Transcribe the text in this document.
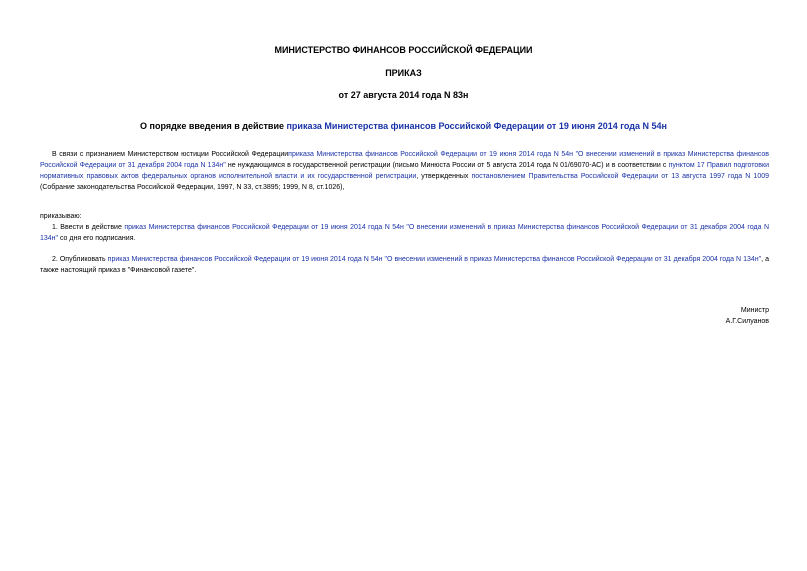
МИНИСТЕРСТВО ФИНАНСОВ РОССИЙСКОЙ ФЕДЕРАЦИИ
ПРИКАЗ
от 27 августа 2014 года N 83н
О порядке введения в действие приказа Министерства финансов Российской Федерации от 19 июня 2014 года N 54н
В связи с признанием Министерством юстиции Российской Федерацииприказа Министерства финансов Российской Федерации от 19 июня 2014 года N 54н "О внесении изменений в приказ Министерства финансов Российской Федерации от 31 декабря 2004 года N 134н" не нуждающимся в государственной регистрации (письмо Минюста России от 5 августа 2014 года N 01/69070-АС) и в соответствии с пунктом 17 Правил подготовки нормативных правовых актов федеральных органов исполнительной власти и их государственной регистрации, утвержденных постановлением Правительства Российской Федерации от 13 августа 1997 года N 1009 (Собрание законодательства Российской Федерации, 1997, N 33, ст.3895; 1999, N 8, ст.1026),
приказываю:
1. Ввести в действие приказ Министерства финансов Российской Федерации от 19 июня 2014 года N 54н "О внесении изменений в приказ Министерства финансов Российской Федерации от 31 декабря 2004 года N 134н" со дня его подписания.
2. Опубликовать приказ Министерства финансов Российской Федерации от 19 июня 2014 года N 54н "О внесении изменений в приказ Министерства финансов Российской Федерации от 31 декабря 2004 года N 134н", а также настоящий приказ в "Финансовой газете".
Министр
А.Г.Силуанов
